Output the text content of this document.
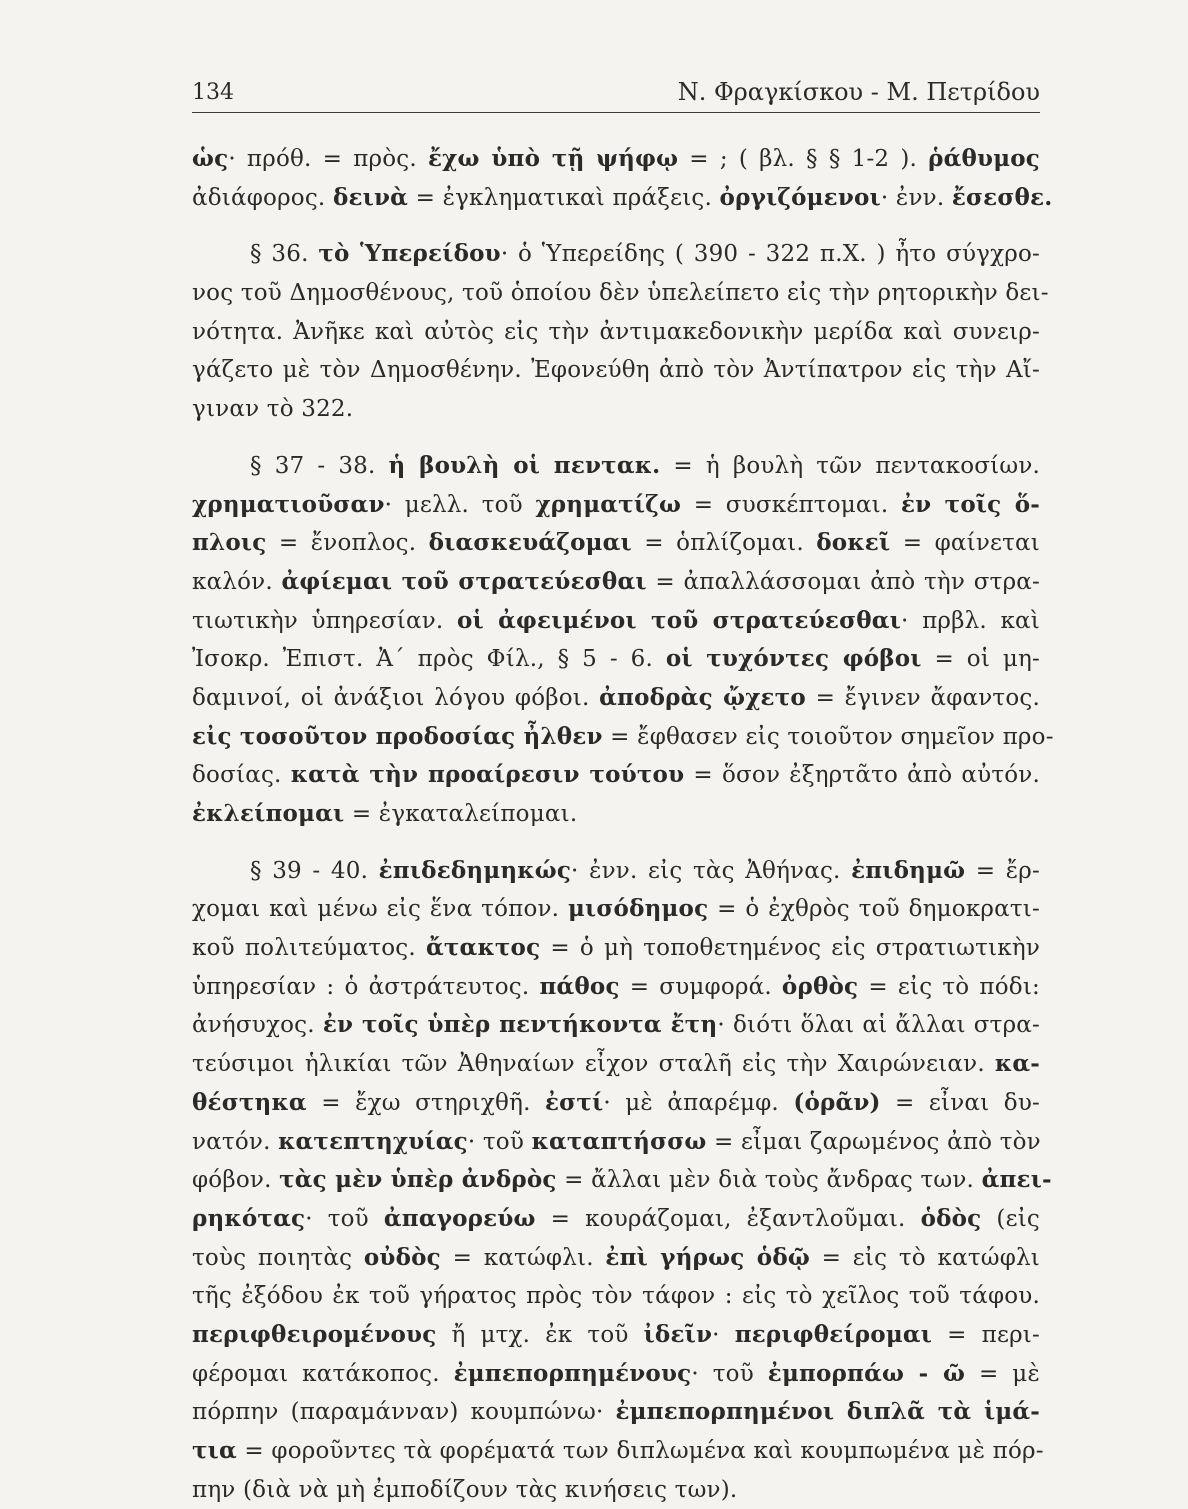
134	Ν. Φραγκίσκου - Μ. Πετρίδου
ὡς· πρόθ. = πρὸς. ἔχω ὑπὸ τῇ ψήφῳ = ; ( βλ. § § 1-2 ). ῥάθυμος
ἀδιάφορος. δεινὰ = ἐγκληματικαὶ πράξεις. ὀργιζόμενοι· ἐνν. ἔσεσθε.
§ 36. τὸ Ὑπερείδου· ὁ Ὑπερείδης ( 390 - 322 π.Χ. ) ἦτο σύγχρο-
νος τοῦ Δημοσθένους, τοῦ ὁποίου δὲν ὑπελείπετο εἰς τὴν ρητορικὴν δει-
νότητα. Ἀνῆκε καὶ αὐτὸς εἰς τὴν ἀντιμακεδονικὴν μερίδα καὶ συνειρ-
γάζετο μὲ τὸν Δημοσθένην. Ἐφονεύθη ἀπὸ τὸν Ἀντίπατρον εἰς τὴν Αἴ-
γιναν τὸ 322.
§ 37 - 38. ἡ βουλὴ οἱ πεντακ. = ἡ βουλὴ τῶν πεντακοσίων.
χρηματιοῦσαν· μελλ. τοῦ χρηματίζω = συσκέπτομαι. ἐν τοῖς ὅ-
πλοις = ἔνοπλος. διασκευάζομαι = ὁπλίζομαι. δοκεῖ = φαίνεται
καλόν. ἀφίεμαι τοῦ στρατεύεσθαι = ἀπαλλάσσομαι ἀπὸ τὴν στρα-
τιωτικὴν ὑπηρεσίαν. οἱ ἀφειμένοι τοῦ στρατεύεσθαι· πρβλ. καὶ
Ἰσοκρ. Ἐπιστ. Ἀ΄ πρὸς Φίλ., § 5 - 6. οἱ τυχόντες φόβοι = οἱ μη-
δαμινοί, οἱ ἀνάξιοι λόγου φόβοι. ἀποδρὰς ᾤχετο = ἔγινεν ἄφαντος.
εἰς τοσοῦτον προδοσίας ἦλθεν = ἔφθασεν εἰς τοιοῦτον σημεῖον προ-
δοσίας. κατὰ τὴν προαίρεσιν τούτου = ὅσον ἐξηρτᾶτο ἀπὸ αὐτόν.
ἐκλείπομαι = ἐγκαταλείπομαι.
§ 39 - 40. ἐπιδεδημηκώς· ἐνν. εἰς τὰς Ἀθήνας. ἐπιδημῶ = ἔρ-
χομαι καὶ μένω εἰς ἕνα τόπον. μισόδημος = ὁ ἐχθρὸς τοῦ δημοκρατι-
κοῦ πολιτεύματος. ἄτακτος = ὁ μὴ τοποθετημένος εἰς στρατιωτικὴν
ὑπηρεσίαν : ὁ ἀστράτευτος. πάθος = συμφορά. ὀρθὸς = εἰς τὸ πόδι:
ἀνήσυχος. ἐν τοῖς ὑπὲρ πεντήκοντα ἔτη· διότι ὅλαι αἱ ἄλλαι στρα-
τεύσιμοι ἡλικίαι τῶν Ἀθηναίων εἶχον σταλῆ εἰς τὴν Χαιρώνειαν. κα-
θέστηκα = ἔχω στηριχθῆ. ἐστί· μὲ ἀπαρέμφ. (ὁρᾶν) = εἶναι δυ-
νατόν. κατεπτηχυίας· τοῦ καταπτήσσω = εἶμαι ζαρωμένος ἀπὸ τὸν
φόβον. τὰς μὲν ὑπὲρ ἀνδρὸς = ἄλλαι μὲν διὰ τοὺς ἄνδρας των. ἀπει-
ρηκότας· τοῦ ἀπαγορεύω = κουράζομαι, ἐξαντλοῦμαι. ὁδὸς (εἰς
τοὺς ποιητὰς οὐδὸς = κατώφλι. ἐπὶ γήρως ὁδῷ = εἰς τὸ κατώφλι
τῆς ἐξόδου ἐκ τοῦ γήρατος πρὸς τὸν τάφον : εἰς τὸ χεῖλος τοῦ τάφου.
περιφθειρομένους ἤ μτχ. ἐκ τοῦ ἰδεῖν· περιφθείρομαι = περι-
φέρομαι κατάκοπος. ἐμπεπορπημένους· τοῦ ἐμπορπάω - ῶ = μὲ
πόρπην (παραμάνναν) κουμπώνω· ἐμπεπορπημένοι διπλᾶ τὰ ἱμά-
τια = φοροῦντες τὰ φορέματά των διπλωμένα καὶ κουμπωμένα μὲ πόρ-
πην (διὰ νὰ μὴ ἐμποδίζουν τὰς κινήσεις των).
